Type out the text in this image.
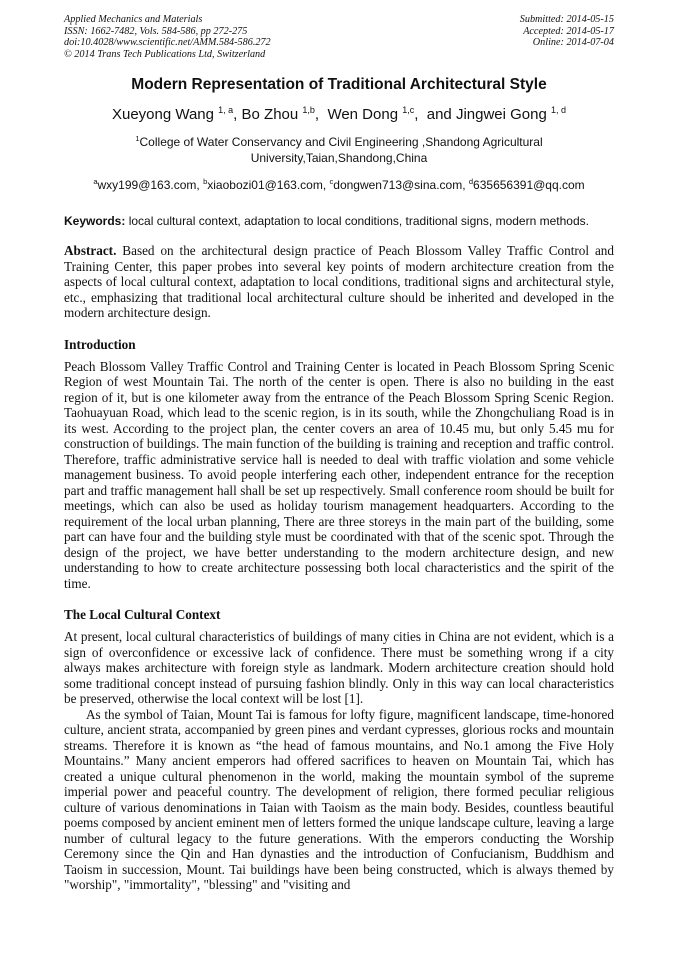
Applied Mechanics and Materials
ISSN: 1662-7482, Vols. 584-586, pp 272-275
doi:10.4028/www.scientific.net/AMM.584-586.272
© 2014 Trans Tech Publications Ltd, Switzerland
Submitted: 2014-05-15
Accepted: 2014-05-17
Online: 2014-07-04
Modern Representation of Traditional Architectural Style
Xueyong Wang $^{1, a}$, Bo Zhou $^{1,b}$,  Wen Dong $^{1,c}$,  and Jingwei Gong $^{1, d}$
$^1$College of Water Conservancy and Civil Engineering ,Shandong Agricultural University,Taian,Shandong,China
$^a$wxy199@163.com, $^b$xiaobozi01@163.com, $^c$dongwen713@sina.com, $^d$635656391@qq.com
Keywords: local cultural context, adaptation to local conditions, traditional signs, modern methods.

Abstract. Based on the architectural design practice of Peach Blossom Valley Traffic Control and Training Center, this paper probes into several key points of modern architecture creation from the aspects of local cultural context, adaptation to local conditions, traditional signs and architectural style, etc., emphasizing that traditional local architectural culture should be inherited and developed in the modern architecture design.

Introduction

Peach Blossom Valley Traffic Control and Training Center is located in Peach Blossom Spring Scenic Region of west Mountain Tai. The north of the center is open. There is also no building in the east region of it, but is one kilometer away from the entrance of the Peach Blossom Spring Scenic Region. Taohuayuan Road, which lead to the scenic region, is in its south, while the Zhongchuliang Road is in its west. According to the project plan, the center covers an area of 10.45 mu, but only 5.45 mu for construction of buildings. The main function of the building is training and reception and traffic control. Therefore, traffic administrative service hall is needed to deal with traffic violation and some vehicle management business. To avoid people interfering each other, independent entrance for the reception part and traffic management hall shall be set up respectively. Small conference room should be built for meetings, which can also be used as holiday tourism management headquarters. According to the requirement of the local urban planning, There are three storeys in the main part of the building, some part can have four and the building style must be coordinated with that of the scenic spot. Through the design of the project, we have better understanding to the modern architecture design, and new understanding to how to create architecture possessing both local characteristics and the spirit of the time.

The Local Cultural Context

At present, local cultural characteristics of buildings of many cities in China are not evident, which is a sign of overconfidence or excessive lack of confidence. There must be something wrong if a city always makes architecture with foreign style as landmark. Modern architecture creation should hold some traditional concept instead of pursuing fashion blindly. Only in this way can local characteristics be preserved, otherwise the local context will be lost [1].

As the symbol of Taian, Mount Tai is famous for lofty figure, magnificent landscape, time-honored culture, ancient strata, accompanied by green pines and verdant cypresses, glorious rocks and mountain streams. Therefore it is known as “the head of famous mountains, and No.1 among the Five Holy Mountains.” Many ancient emperors had offered sacrifices to heaven on Mountain Tai, which has created a unique cultural phenomenon in the world, making the mountain symbol of the supreme imperial power and peaceful country. The development of religion, there formed peculiar religious culture of various denominations in Taian with Taoism as the main body. Besides, countless beautiful poems composed by ancient eminent men of letters formed the unique landscape culture, leaving a large number of cultural legacy to the future generations. With the emperors conducting the Worship Ceremony since the Qin and Han dynasties and the introduction of Confucianism, Buddhism and Taoism in succession, Mount. Tai buildings have been being constructed, which is always themed by "worship", "immortality", "blessing" and "visiting and
